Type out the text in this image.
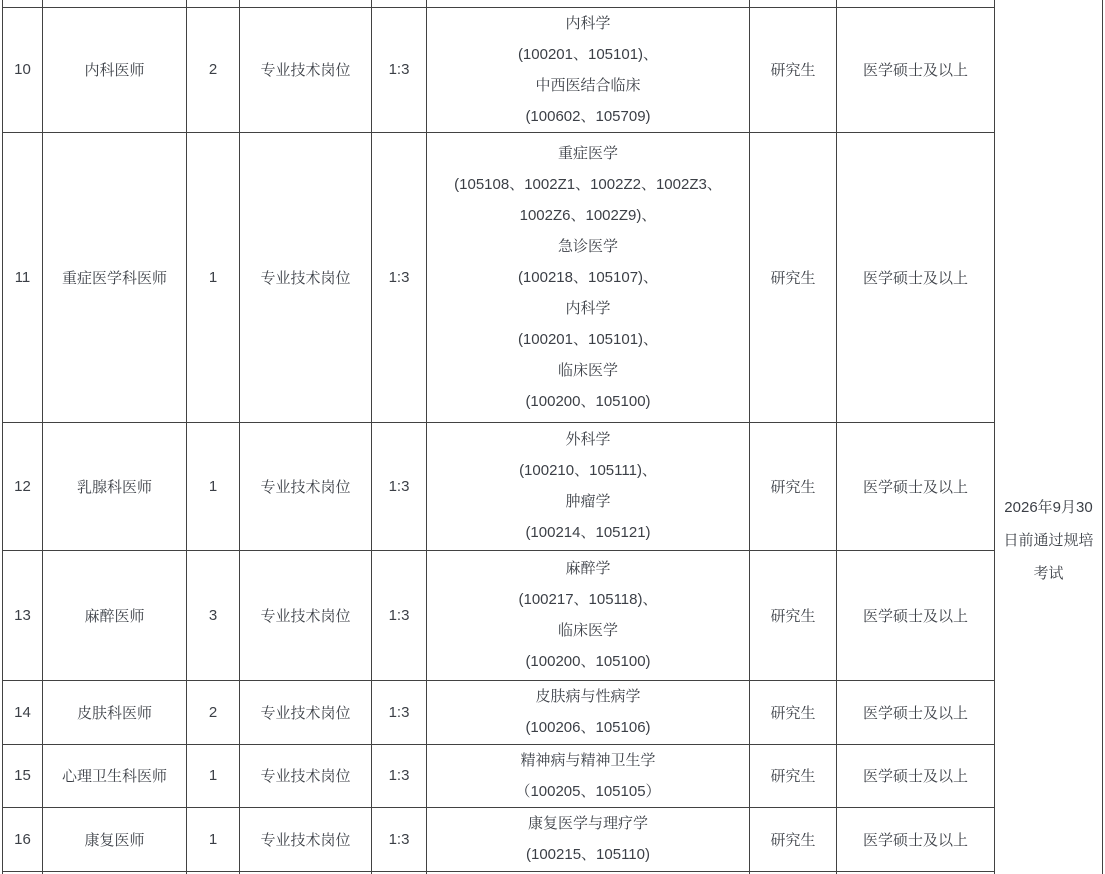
								2026年9月30
日前通过规培
考试

10	内科医师	2	专业技术岗位	1:3	内科学
(100201、105101)、
中西医结合临床
(100602、105709)	研究生	医学硕士及以上	
11	重症医学科医师	1	专业技术岗位	1:3	
重症医学
(105108、1002Z1、1002Z2、1002Z3、
1002Z6、1002Z9)、
急诊医学
(100218、105107)、
内科学
(100201、105101)、
临床医学
(100200、105100)
	研究生	医学硕士及以上
12	乳腺科医师	1	专业技术岗位	1:3	外科学
(100210、105111)、
肿瘤学
(100214、105121)	研究生	医学硕士及以上	
13	麻醉医师	3	专业技术岗位	1:3	麻醉学
(100217、105118)、
临床医学
(100200、105100)	研究生	医学硕士及以上	
14	皮肤科医师	2	专业技术岗位	1:3	皮肤病与性病学
(100206、105106)	研究生	医学硕士及以上	
15	心理卫生科医师	1	专业技术岗位	1:3	精神病与精神卫生学
（100205、105105）	研究生	医学硕士及以上	
16	康复医师	1	专业技术岗位	1:3	康复医学与理疗学
(100215、105110)	研究生	医学硕士及以上	
